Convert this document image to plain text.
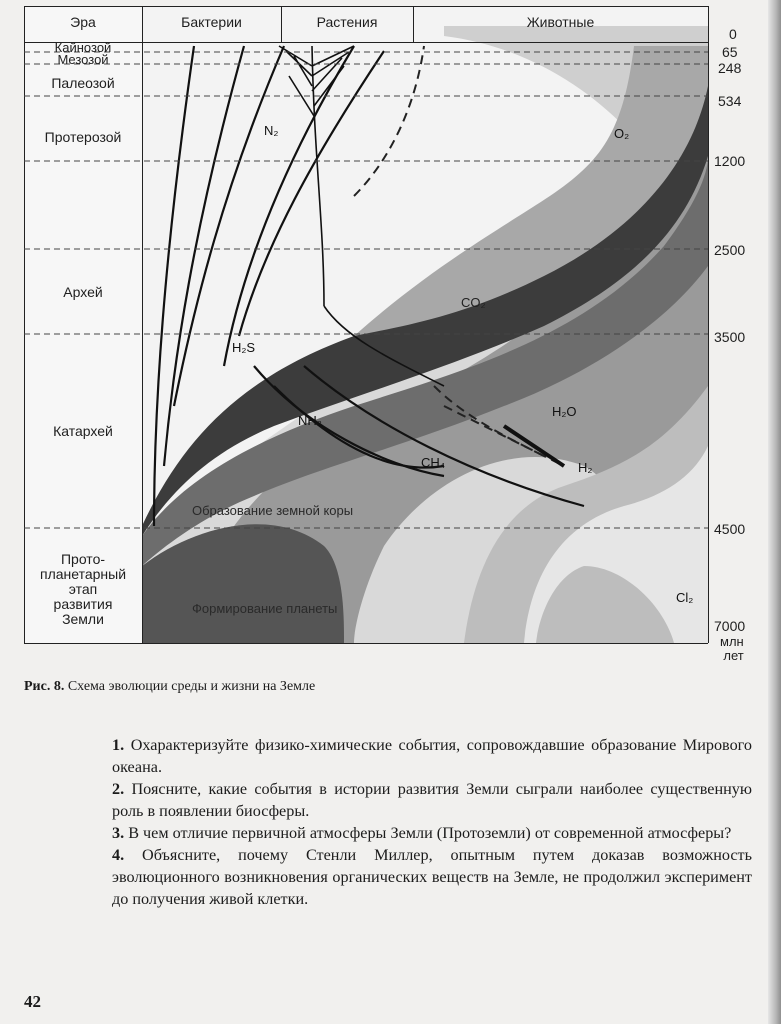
Эра	Бактерии	Растения	Животные
Кайнозой
Мезозой
Палеозой
Протерозой
Архей
Катархей
Прото-
планетарный
этап
развития
Земли
0
65
248
534
1200
2500
3500
4500
7000
млн
лет
N₂	O₂
CO₂
H₂S
NH₃
CH₄
H₂O
H₂
Cl₂
Образование земной коры
Формирование планеты
Рис. 8. Схема эволюции среды и жизни на Земле

1. Охарактеризуйте физико-химические события, сопровождавшие образование Мирового океана.

2. Поясните, какие события в истории развития Земли сыграли наиболее существенную роль в появлении биосферы.

3. В чем отличие первичной атмосферы Земли (Протоземли) от современной атмосферы?

4. Объясните, почему Стенли Миллер, опытным путем доказав возможность эволюционного возникновения органических веществ на Земле, не продолжил эксперимент до получения живой клетки.

42
